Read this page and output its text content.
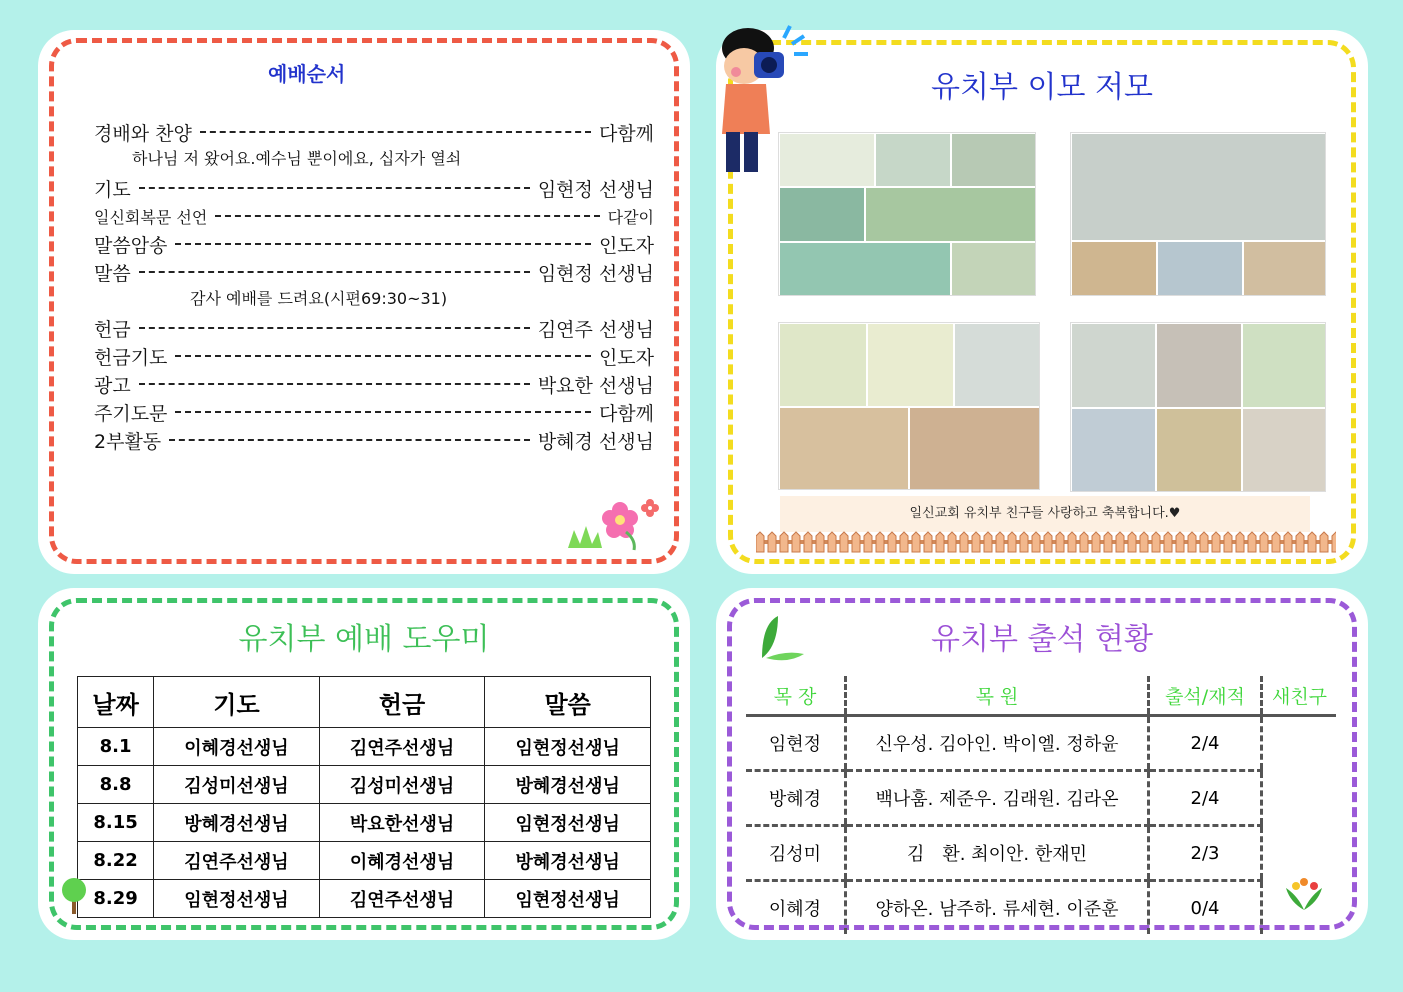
예배순서
경배와 찬양	다함께
하나님 저 왔어요.예수님 뿐이에요, 십자가 열쇠
기도	임현정 선생님
일신회복문 선언	다같이
말씀암송	인도자
말씀	임현정 선생님
감사 예배를 드려요(시편69:30~31)
헌금	김연주 선생님
헌금기도	인도자
광고	박요한 선생님
주기도문	다함께
2부활동	방혜경 선생님
유치부 이모 저모
일신교회 유치부 친구들 사랑하고 축복합니다.♥
유치부 예배 도우미
날짜	기도	헌금	말씀
8.1	이혜경선생님	김연주선생님	임현정선생님
8.8	김성미선생님	김성미선생님	방혜경선생님
8.15	방혜경선생님	박요한선생님	임현정선생님
8.22	김연주선생님	이혜경선생님	방혜경선생님
8.29	임현정선생님	김연주선생님	임현정선생님
유치부 출석 현황
목 장	목 원	출석/재적	새친구
임현정	신우성. 김아인. 박이엘. 정하윤	2/4	
방혜경	백나훔. 제준우. 김래원. 김라온	2/4	
김성미	김　환. 최이안. 한재민	2/3	
이혜경	양하온. 남주하. 류세현. 이준훈	0/4	
